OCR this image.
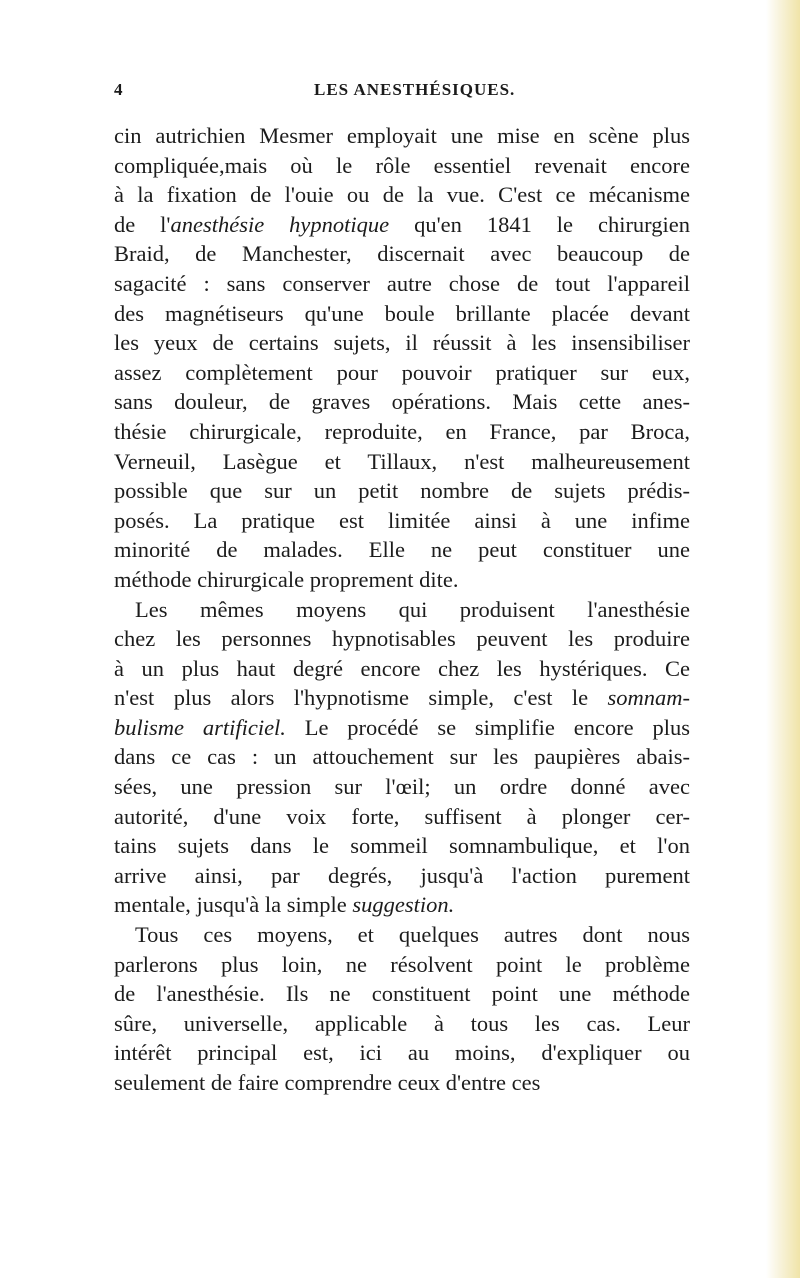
4	LES ANESTHÉSIQUES.
cin autrichien Mesmer employait une mise en scène plus
compliquée,mais où le rôle essentiel revenait encore
à la fixation de l'ouie ou de la vue. C'est ce mécanisme
de l'anesthésie hypnotique qu'en 1841 le chirurgien
Braid, de Manchester, discernait avec beaucoup de
sagacité : sans conserver autre chose de tout l'appareil
des magnétiseurs qu'une boule brillante placée devant
les yeux de certains sujets, il réussit à les insensibiliser
assez complètement pour pouvoir pratiquer sur eux,
sans douleur, de graves opérations. Mais cette anes-
thésie chirurgicale, reproduite, en France, par Broca,
Verneuil, Lasègue et Tillaux, n'est malheureusement
possible que sur un petit nombre de sujets prédis-
posés. La pratique est limitée ainsi à une infime
minorité de malades. Elle ne peut constituer une
méthode chirurgicale proprement dite.
Les mêmes moyens qui produisent l'anesthésie
chez les personnes hypnotisables peuvent les produire
à un plus haut degré encore chez les hystériques. Ce
n'est plus alors l'hypnotisme simple, c'est le somnam-
bulisme artificiel. Le procédé se simplifie encore plus
dans ce cas : un attouchement sur les paupières abais-
sées, une pression sur l'œil; un ordre donné avec
autorité, d'une voix forte, suffisent à plonger cer-
tains sujets dans le sommeil somnambulique, et l'on
arrive ainsi, par degrés, jusqu'à l'action purement
mentale, jusqu'à la simple suggestion.
Tous ces moyens, et quelques autres dont nous
parlerons plus loin, ne résolvent point le problème
de l'anesthésie. Ils ne constituent point une méthode
sûre, universelle, applicable à tous les cas. Leur
intérêt principal est, ici au moins, d'expliquer ou
seulement de faire comprendre ceux d'entre ces
